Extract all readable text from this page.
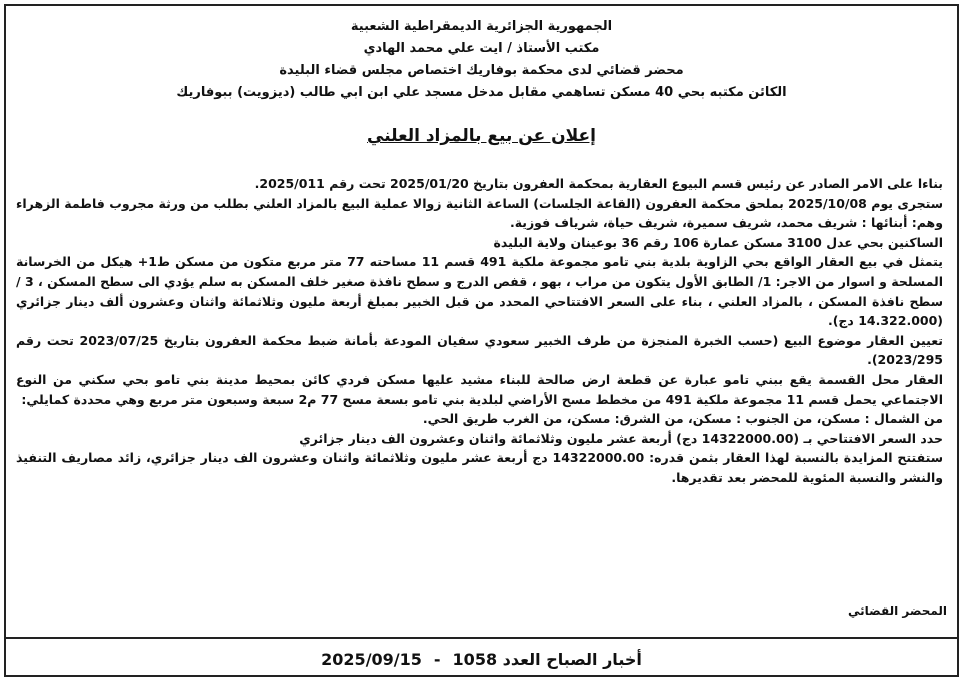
الجمهورية الجزائرية الديمقراطية الشعبية
مكتب الأستاذ / ايت علي محمد الهادي
محضر قضائي لدى محكمة بوفاريك اختصاص مجلس قضاء البليدة
الكائن مكتبه بحي 40 مسكن تساهمي مقابل مدخل مسجد علي ابن ابي طالب (ديزويت) ببوفاريك
إعلان عن بيع بالمزاد العلني

بناءا على الامر الصادر عن رئيس قسم البيوع العقارية بمحكمة العفرون بتاريخ 2025/01/20 تحت رقم 2025/011.

ستجرى يوم 2025/10/08 بملحق محكمة العفرون (القاعة الجلسات) الساعة الثانية زوالا عملية البيع بالمزاد العلني بطلب من ورثة مجروب فاطمة الزهراء وهم: أبنائها : شريف محمد، شريف سميرة، شريف حياة، شرياف فوزية.

الساكنين بحي عدل 3100 مسكن عمارة 106 رقم 36 بوعينان ولاية البليدة

يتمثل في بيع العقار الواقع بحي الزاوية بلدية بني تامو مجموعة ملكية 491 قسم 11 مساحته 77 متر مربع متكون من مسكن ط1+ هيكل من الخرسانة المسلحة و اسوار من الاجر: 1/ الطابق الأول يتكون من مراب ، بهو ، قفص الدرج و سطح نافذة صغير خلف المسكن به سلم يؤدي الى سطح المسكن ، 3 / سطح نافذة المسكن ، بالمزاد العلني ، بناء على السعر الافتتاحي المحدد من قبل الخبير بمبلغ أربعة مليون وثلاثمائة واثنان وعشرون ألف دينار جزائري (14.322.000 دج).

تعيين العقار موضوع البيع (حسب الخبرة المنجزة من طرف الخبير سعودي سفيان المودعة بأمانة ضبط محكمة العفرون بتاريخ 2023/07/25 تحت رقم 2023/295).

العقار محل القسمة يقع ببني تامو عبارة عن قطعة ارض صالحة للبناء مشيد عليها مسكن فردي كائن بمحيط مدينة بني تامو بحي سكني من النوع الاجتماعي يحمل قسم 11 مجموعة ملكية 491 من مخطط مسح الأراضي لبلدية بني تامو بسعة مسح 77 م2 سبعة وسبعون متر مربع وهي محددة كمايلي:

من الشمال : مسكن، من الجنوب : مسكن، من الشرق: مسكن، من الغرب طريق الحي.

حدد السعر الافتتاحي بـ (14322000.00 دج) أربعة عشر مليون وثلاثمائة واثنان وعشرون الف دينار جزائري

ستفتتح المزايدة بالنسبة لهذا العقار بثمن قدره: 14322000.00 دج أربعة عشر مليون وثلاثمائة واثنان وعشرون الف دينار جزائري، زائد مصاريف التنفيذ والنشر والنسبة المئوية للمحضر بعد تقديرها.

المحضر القضائي
أخبار الصباح العدد 1058
-
2025/09/15
